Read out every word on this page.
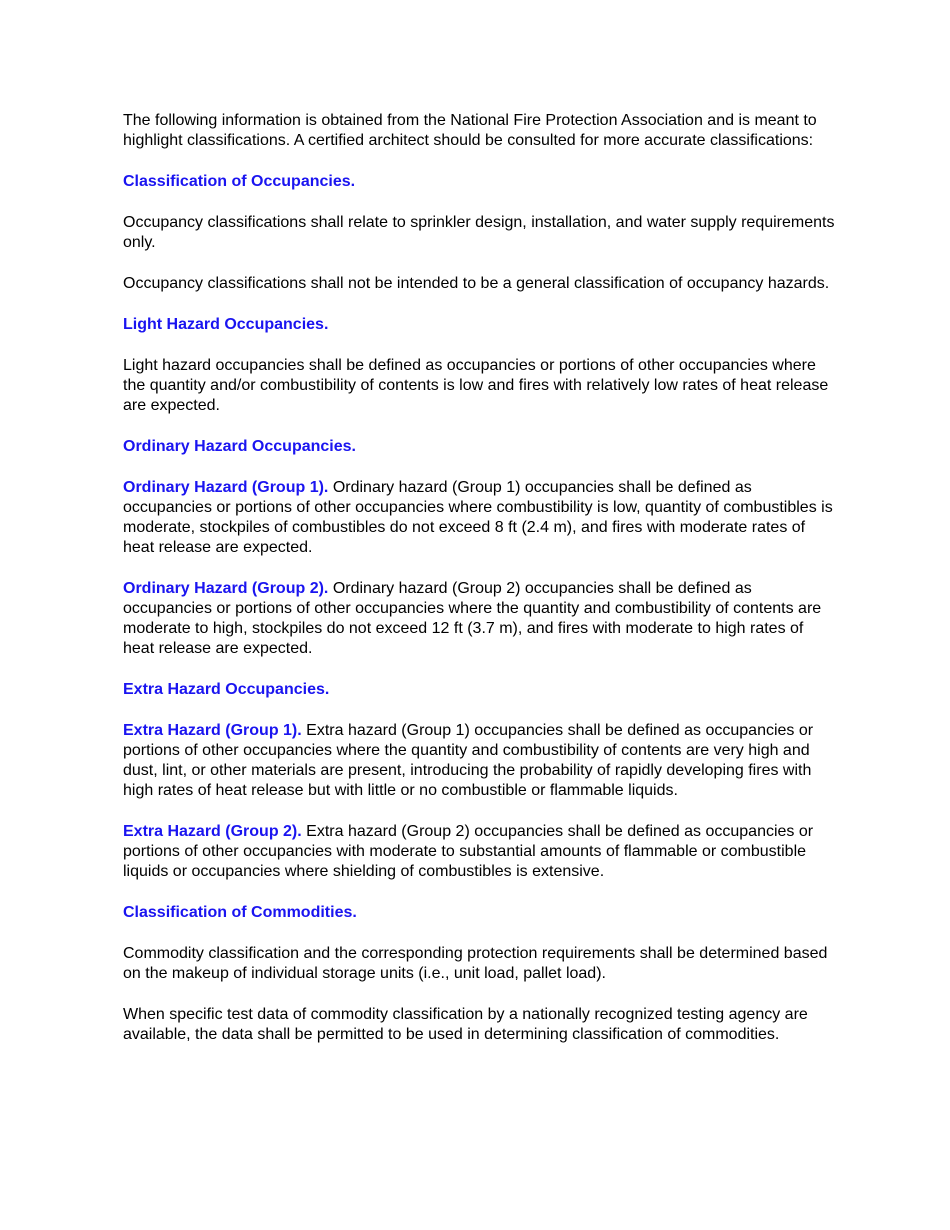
The following information is obtained from the National Fire Protection Association and is meant to highlight classifications. A certified architect should be consulted for more accurate classifications:

Classification of Occupancies.

Occupancy classifications shall relate to sprinkler design, installation, and water supply requirements only.

Occupancy classifications shall not be intended to be a general classification of occupancy hazards.

Light Hazard Occupancies.

Light hazard occupancies shall be defined as occupancies or portions of other occupancies where the quantity and/or combustibility of contents is low and fires with relatively low rates of heat release are expected.

Ordinary Hazard Occupancies.

Ordinary Hazard (Group 1). Ordinary hazard (Group 1) occupancies shall be defined as occupancies or portions of other occupancies where combustibility is low, quantity of combustibles is moderate, stockpiles of combustibles do not exceed 8 ft (2.4 m), and fires with moderate rates of heat release are expected.

Ordinary Hazard (Group 2). Ordinary hazard (Group 2) occupancies shall be defined as occupancies or portions of other occupancies where the quantity and combustibility of contents are moderate to high, stockpiles do not exceed 12 ft (3.7 m), and fires with moderate to high rates of heat release are expected.

Extra Hazard Occupancies.

Extra Hazard (Group 1). Extra hazard (Group 1) occupancies shall be defined as occupancies or portions of other occupancies where the quantity and combustibility of contents are very high and dust, lint, or other materials are present, introducing the probability of rapidly developing fires with high rates of heat release but with little or no combustible or flammable liquids.

Extra Hazard (Group 2). Extra hazard (Group 2) occupancies shall be defined as occupancies or portions of other occupancies with moderate to substantial amounts of flammable or combustible liquids or occupancies where shielding of combustibles is extensive.

Classification of Commodities.

Commodity classification and the corresponding protection requirements shall be determined based on the makeup of individual storage units (i.e., unit load, pallet load).

When specific test data of commodity classification by a nationally recognized testing agency are available, the data shall be permitted to be used in determining classification of commodities.
